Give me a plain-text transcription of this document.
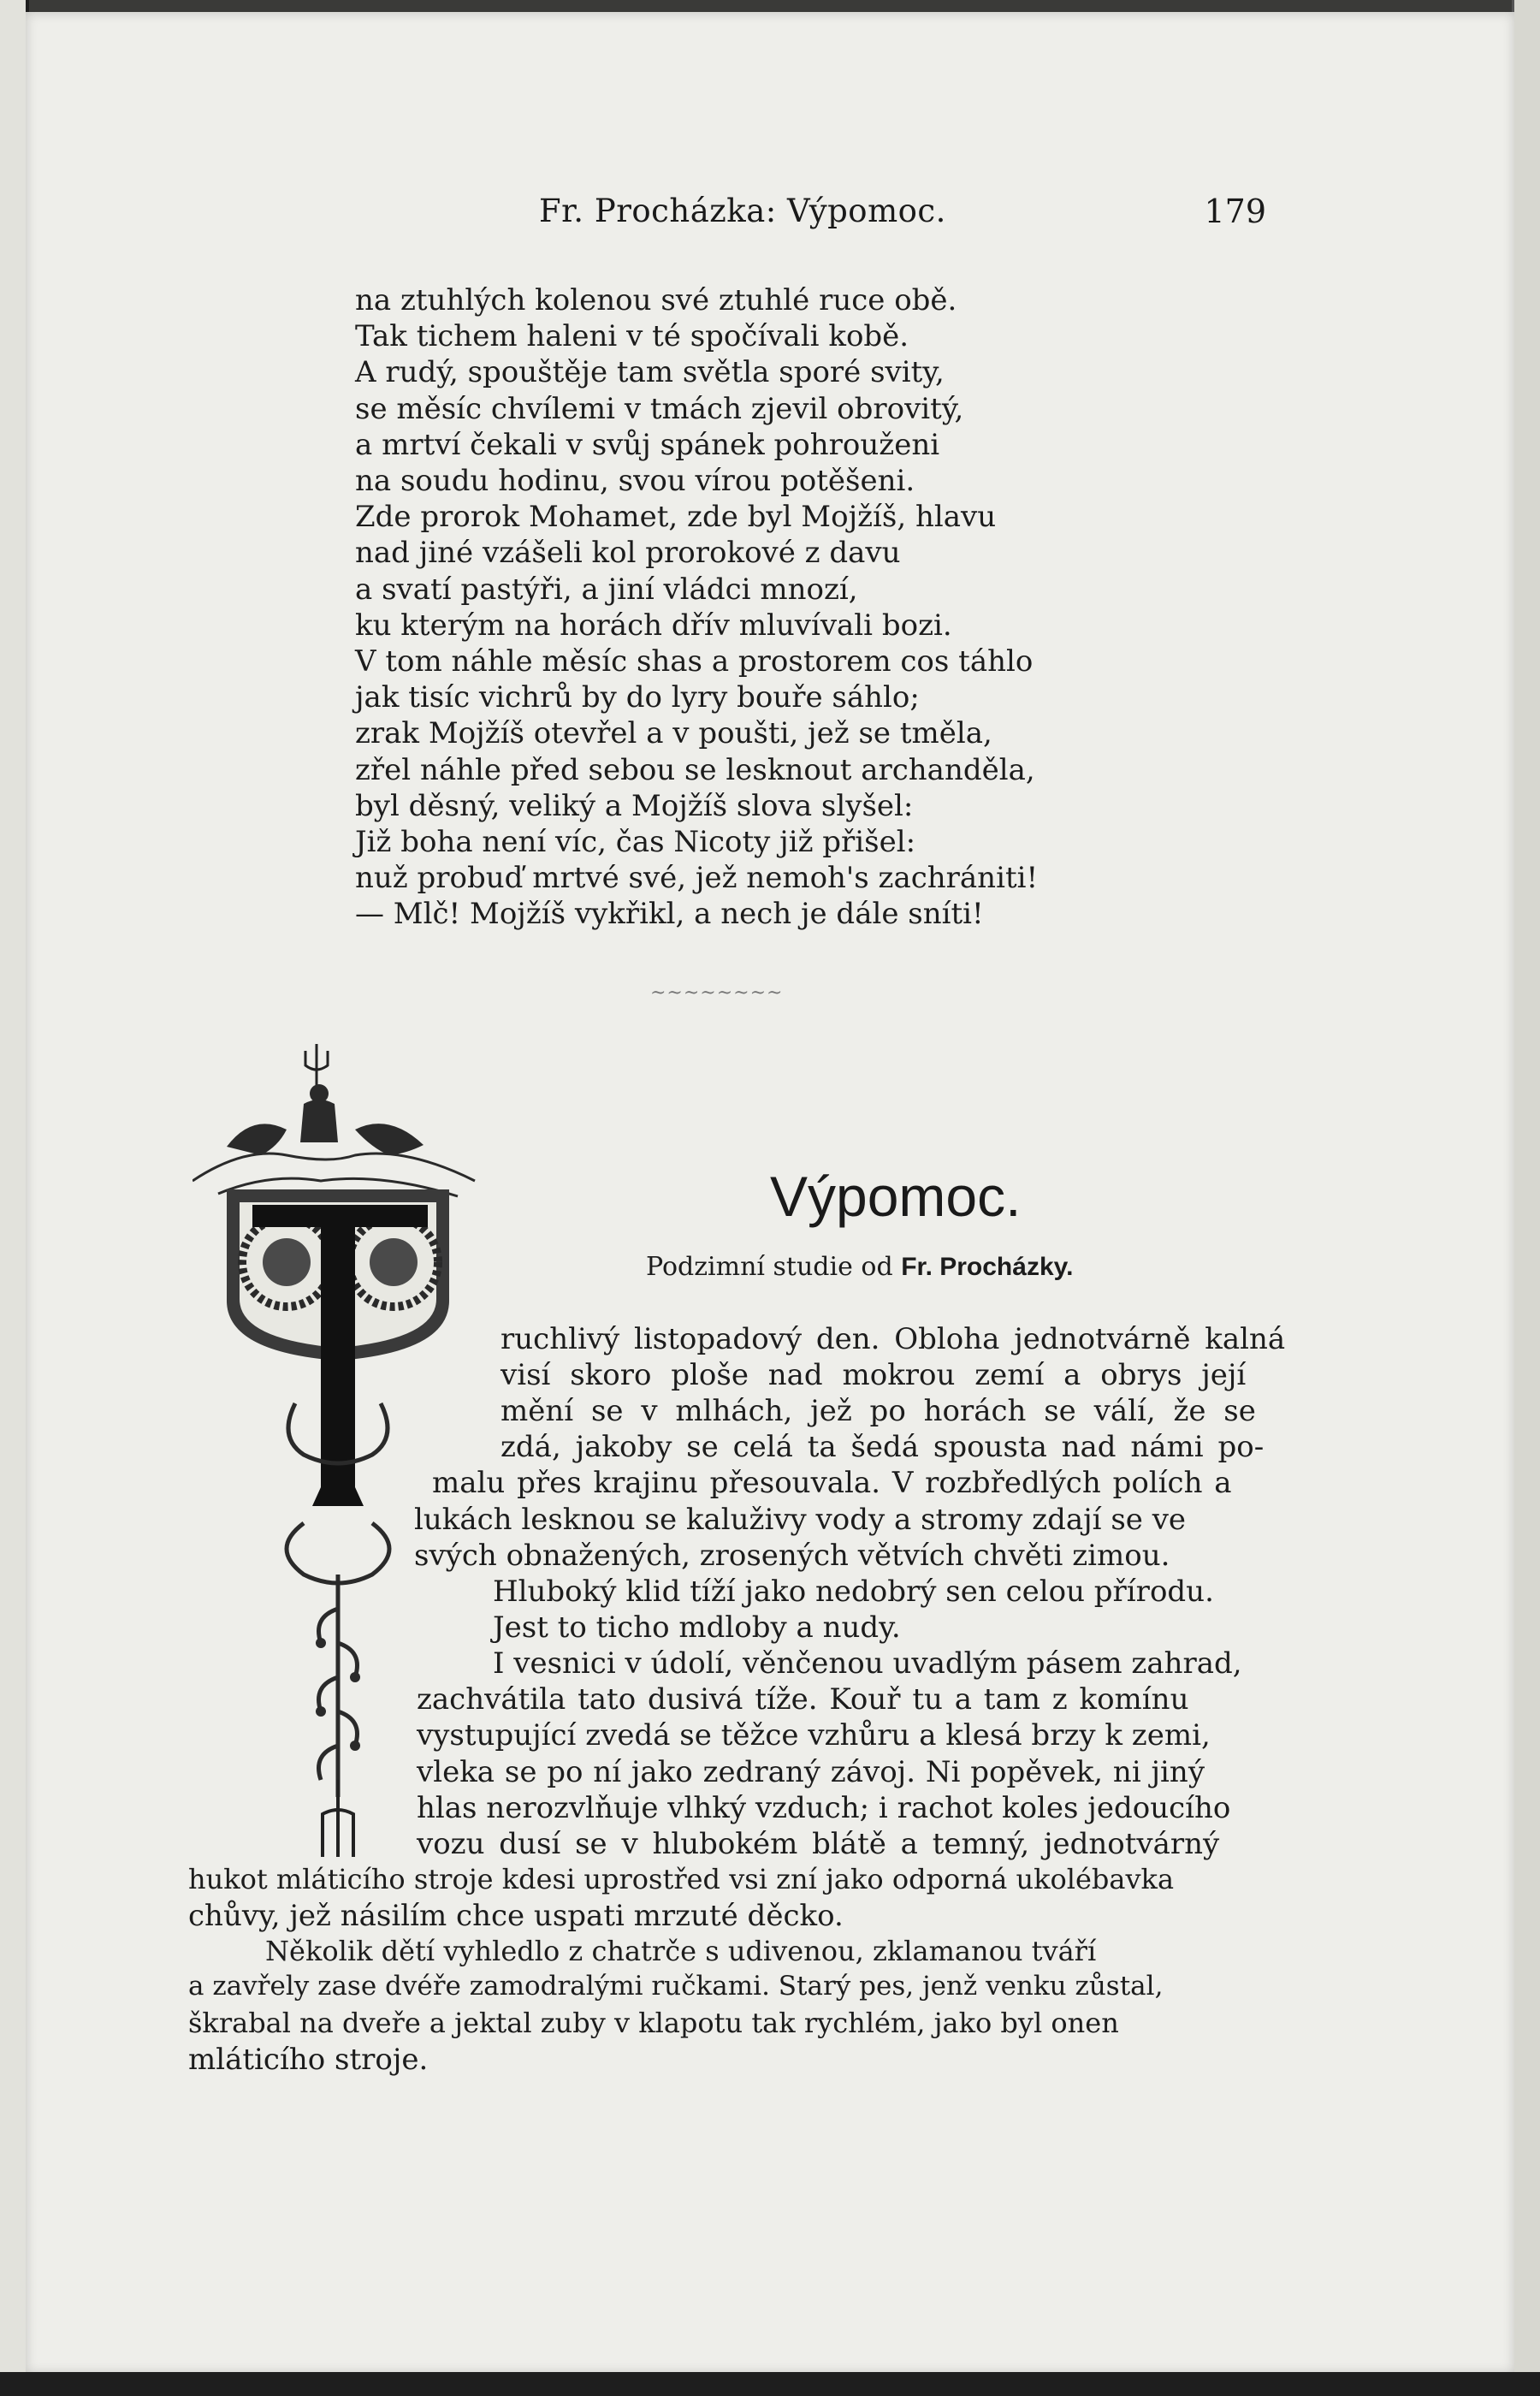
Fr. Procházka: Výpomoc.	179
na ztuhlých kolenou své ztuhlé ruce obě.
Tak tichem haleni v té spočívali kobě.
A rudý, spouštěje tam světla sporé svity,
se měsíc chvílemi v tmách zjevil obrovitý,
a mrtví čekali v svůj spánek pohrouženi
na soudu hodinu, svou vírou potěšeni.
Zde prorok Mohamet, zde byl Mojžíš, hlavu
nad jiné vzášeli kol prorokové z davu
a svatí pastýři, a jiní vládci mnozí,
ku kterým na horách dřív mluvívali bozi.
V tom náhle měsíc shas a prostorem cos táhlo
jak tisíc vichrů by do lyry bouře sáhlo;
zrak Mojžíš otevřel a v poušti, jež se tměla,
zřel náhle před sebou se lesknout archanděla,
byl děsný, veliký a Mojžíš slova slyšel:
Již boha není víc, čas Nicoty již přišel:
nuž probuď mrtvé své, jež nemoh's zachrániti!
— Mlč! Mojžíš vykřikl, a nech je dále sníti!
~~~~~~~~
Výpomoc.
Podzimní studie od Fr. Procházky.
ruchlivý listopadový den. Obloha jednotvárně kalná
visí skoro ploše nad mokrou zemí a obrys její
mění se v mlhách, jež po horách se válí, že se
zdá, jakoby se celá ta šedá spousta nad námi po-
malu přes krajinu přesouvala. V rozbředlých polích a
lukách lesknou se kaluživy vody a stromy zdají se ve
svých obnažených, zrosených větvích chvěti zimou.
Hluboký klid tíží jako nedobrý sen celou přírodu.
Jest to ticho mdloby a nudy.
I vesnici v údolí, věnčenou uvadlým pásem zahrad,
zachvátila tato dusivá tíže. Kouř tu a tam z komínu
vystupující zvedá se těžce vzhůru a klesá brzy k zemi,
vleka se po ní jako zedraný závoj. Ni popěvek, ni jiný
hlas nerozvlňuje vlhký vzduch; i rachot koles jedoucího
vozu dusí se v hlubokém blátě a temný, jednotvárný
hukot mláticího stroje kdesi uprostřed vsi zní jako odporná ukolébavka
chůvy, jež násilím chce uspati mrzuté děcko.
Několik dětí vyhledlo z chatrče s udivenou, zklamanou tváří
a zavřely zase dvéře zamodralými ručkami. Starý pes, jenž venku zůstal,
škrabal na dveře a jektal zuby v klapotu tak rychlém, jako byl onen
mláticího stroje.
